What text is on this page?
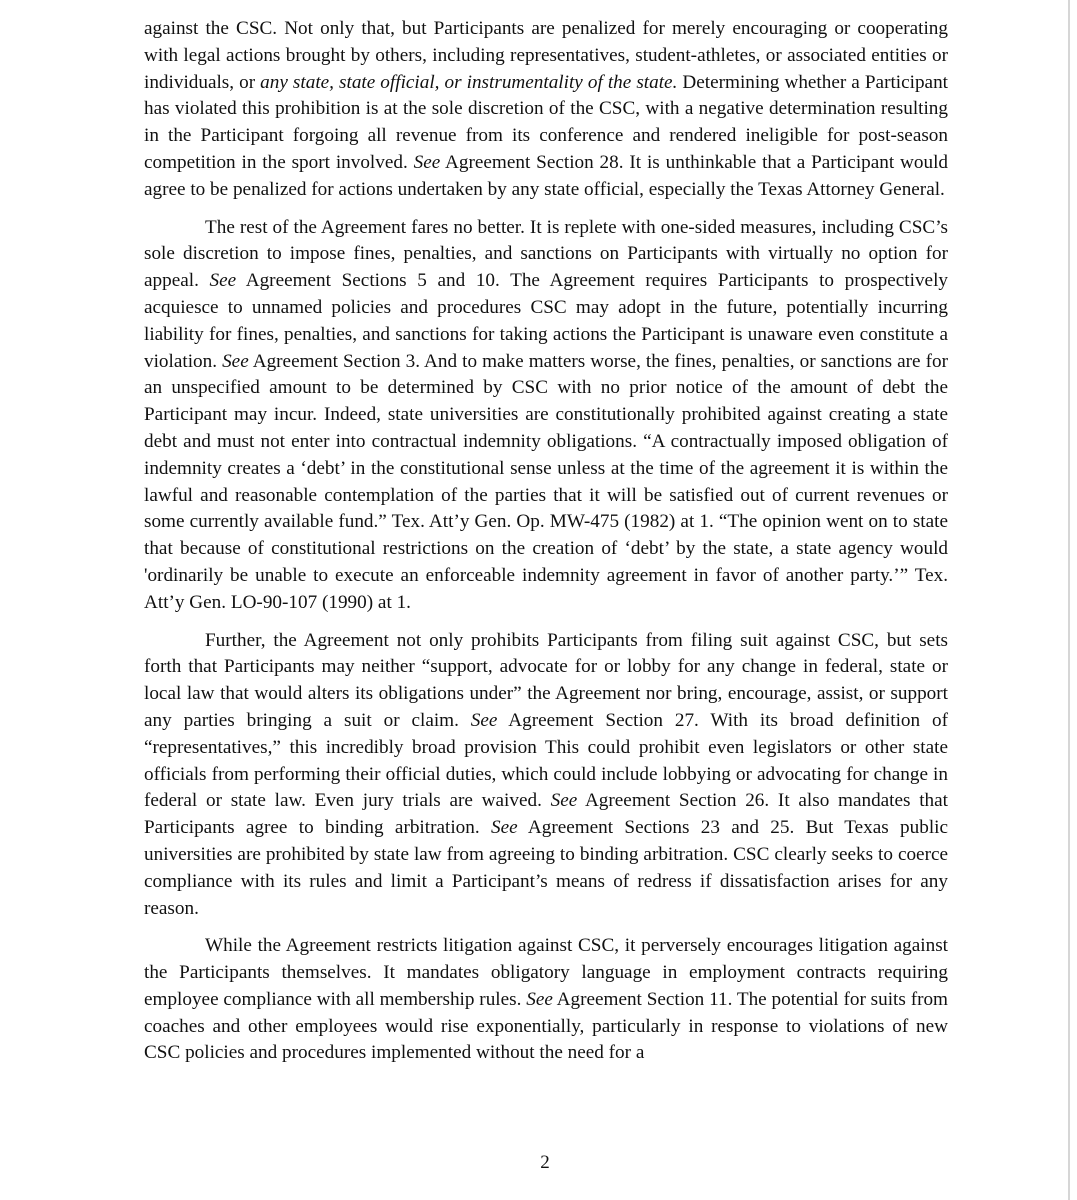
against the CSC. Not only that, but Participants are penalized for merely encouraging or cooperating with legal actions brought by others, including representatives, student-athletes, or associated entities or individuals, or any state, state official, or instrumentality of the state. Determining whether a Participant has violated this prohibition is at the sole discretion of the CSC, with a negative determination resulting in the Participant forgoing all revenue from its conference and rendered ineligible for post-season competition in the sport involved. See Agreement Section 28. It is unthinkable that a Participant would agree to be penalized for actions undertaken by any state official, especially the Texas Attorney General.

The rest of the Agreement fares no better. It is replete with one-sided measures, including CSC’s sole discretion to impose fines, penalties, and sanctions on Participants with virtually no option for appeal. See Agreement Sections 5 and 10. The Agreement requires Participants to prospectively acquiesce to unnamed policies and procedures CSC may adopt in the future, potentially incurring liability for fines, penalties, and sanctions for taking actions the Participant is unaware even constitute a violation. See Agreement Section 3. And to make matters worse, the fines, penalties, or sanctions are for an unspecified amount to be determined by CSC with no prior notice of the amount of debt the Participant may incur. Indeed, state universities are constitutionally prohibited against creating a state debt and must not enter into contractual indemnity obligations. “A contractually imposed obligation of indemnity creates a ‘debt’ in the constitutional sense unless at the time of the agreement it is within the lawful and reasonable contemplation of the parties that it will be satisfied out of current revenues or some currently available fund.” Tex. Att’y Gen. Op. MW-475 (1982) at 1. “The opinion went on to state that because of constitutional restrictions on the creation of ‘debt’ by the state, a state agency would 'ordinarily be unable to execute an enforceable indemnity agreement in favor of another party.’” Tex. Att’y Gen. LO-90-107 (1990) at 1.

Further, the Agreement not only prohibits Participants from filing suit against CSC, but sets forth that Participants may neither “support, advocate for or lobby for any change in federal, state or local law that would alters its obligations under” the Agreement nor bring, encourage, assist, or support any parties bringing a suit or claim. See Agreement Section 27. With its broad definition of “representatives,” this incredibly broad provision This could prohibit even legislators or other state officials from performing their official duties, which could include lobbying or advocating for change in federal or state law. Even jury trials are waived. See Agreement Section 26. It also mandates that Participants agree to binding arbitration. See Agreement Sections 23 and 25. But Texas public universities are prohibited by state law from agreeing to binding arbitration. CSC clearly seeks to coerce compliance with its rules and limit a Participant’s means of redress if dissatisfaction arises for any reason.

While the Agreement restricts litigation against CSC, it perversely encourages litigation against the Participants themselves. It mandates obligatory language in employment contracts requiring employee compliance with all membership rules. See Agreement Section 11. The potential for suits from coaches and other employees would rise exponentially, particularly in response to violations of new CSC policies and procedures implemented without the need for a

2
